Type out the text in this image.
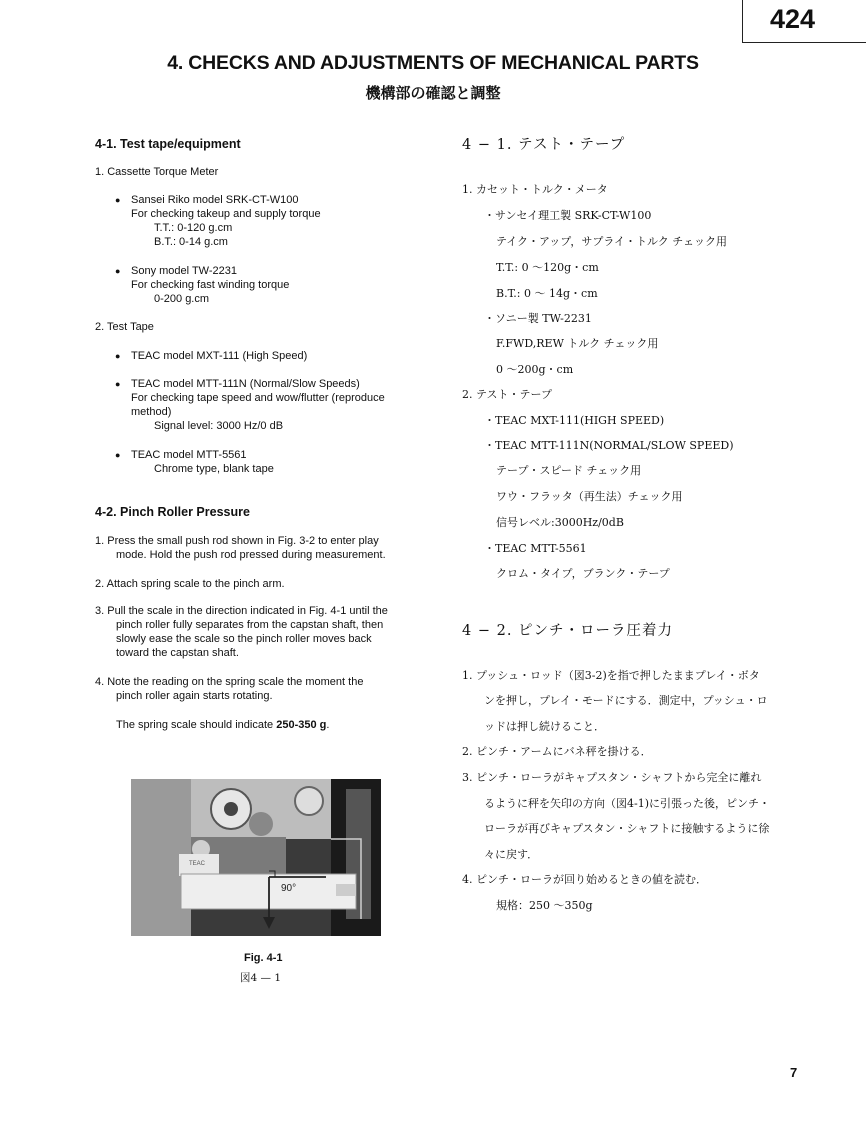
424
4. CHECKS AND ADJUSTMENTS OF MECHANICAL PARTS
機構部の確認と調整
4-1. Test tape/equipment
1. Cassette Torque Meter
● Sansei Riko model SRK-CT-W100
For checking takeup and supply torque
T.T.: 0-120 g.cm
B.T.: 0-14 g.cm
● Sony model TW-2231
For checking fast winding torque
0-200 g.cm
2. Test Tape
● TEAC model MXT-111 (High Speed)
● TEAC model MTT-111N (Normal/Slow Speeds)
For checking tape speed and wow/flutter (reproduce
method)
Signal level: 3000 Hz/0 dB
● TEAC model MTT-5561
Chrome type, blank tape
4-2. Pinch Roller Pressure
1. Press the small push rod shown in Fig. 3-2 to enter play
mode. Hold the push rod pressed during measurement.
2. Attach spring scale to the pinch arm.
3. Pull the scale in the direction indicated in Fig. 4-1 until the
pinch roller fully separates from the capstan shaft, then
slowly ease the scale so the pinch roller moves back
toward the capstan shaft.
4. Note the reading on the spring scale the moment the
pinch roller again starts rotating.
The spring scale should indicate 250-350 g.
TEAC
90°
Fig. 4-1
図4 — 1
4 − 1. テスト・テープ
1. カセット・トルク・メータ
・サンセイ理工製 SRK-CT-W100
テイク・アップ，サプライ・トルク チェック用
T.T.: 0 ～120g・cm
B.T.: 0 ～ 14g・cm
・ソニー製 TW-2231
F.FWD,REW トルク チェック用
0 ～200g・cm
2. テスト・テープ
・TEAC MXT-111(HIGH SPEED)
・TEAC MTT-111N(NORMAL/SLOW SPEED)
テープ・スピード チェック用
ワウ・フラッタ（再生法）チェック用
信号レベル:3000Hz/0dB
・TEAC MTT-5561
クロム・タイプ，ブランク・テープ
4 − 2. ピンチ・ローラ圧着力
1. プッシュ・ロッド（図3-2)を指で押したままプレイ・ボタ
ンを押し，プレイ・モードにする．測定中，プッシュ・ロ
ッドは押し続けること．
2. ピンチ・アームにバネ秤を掛ける．
3. ピンチ・ローラがキャプスタン・シャフトから完全に離れ
るように秤を矢印の方向（図4-1)に引張った後，ピンチ・
ローラが再びキャプスタン・シャフトに接触するように徐
々に戻す．
4. ピンチ・ローラが回り始めるときの値を読む．
規格：250 ～350g
7
